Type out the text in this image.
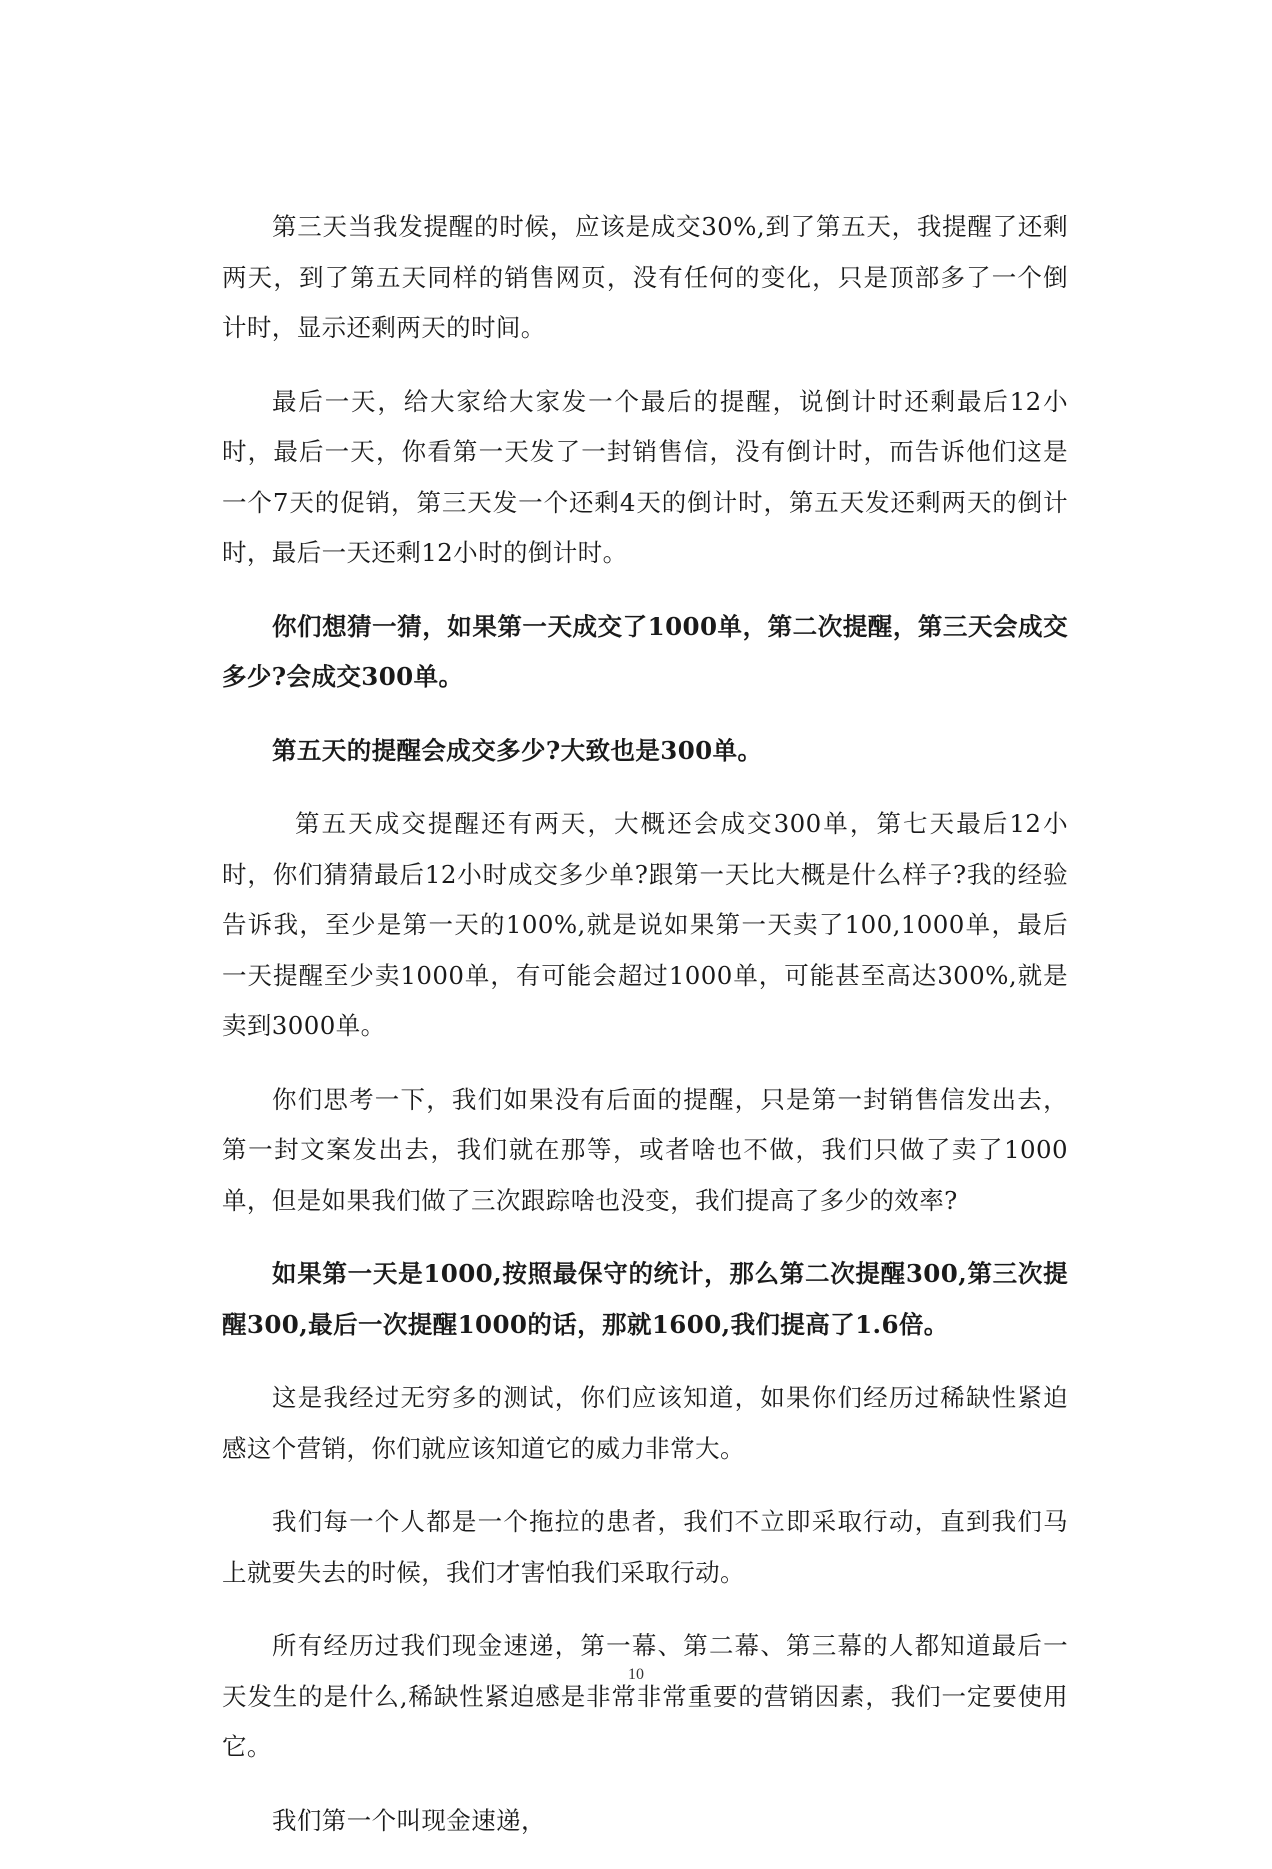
第三天当我发提醒的时候，应该是成交30%,到了第五天，我提醒了还剩两天，到了第五天同样的销售网页，没有任何的变化，只是顶部多了一个倒计时，显示还剩两天的时间。

最后一天，给大家给大家发一个最后的提醒，说倒计时还剩最后12小时，最后一天，你看第一天发了一封销售信，没有倒计时，而告诉他们这是一个7天的促销，第三天发一个还剩4天的倒计时，第五天发还剩两天的倒计时，最后一天还剩12小时的倒计时。

你们想猜一猜，如果第一天成交了1000单，第二次提醒，第三天会成交多少?会成交300单。

第五天的提醒会成交多少?大致也是300单。

第五天成交提醒还有两天，大概还会成交300单，第七天最后12小时，你们猜猜最后12小时成交多少单?跟第一天比大概是什么样子?我的经验告诉我，至少是第一天的100%,就是说如果第一天卖了100,1000单，最后一天提醒至少卖1000单，有可能会超过1000单，可能甚至高达300%,就是卖到3000单。

你们思考一下，我们如果没有后面的提醒，只是第一封销售信发出去，第一封文案发出去，我们就在那等，或者啥也不做，我们只做了卖了1000单，但是如果我们做了三次跟踪啥也没变，我们提高了多少的效率?

如果第一天是1000,按照最保守的统计，那么第二次提醒300,第三次提醒300,最后一次提醒1000的话，那就1600,我们提高了1.6倍。

这是我经过无穷多的测试，你们应该知道，如果你们经历过稀缺性紧迫感这个营销，你们就应该知道它的威力非常大。

我们每一个人都是一个拖拉的患者，我们不立即采取行动，直到我们马上就要失去的时候，我们才害怕我们采取行动。

所有经历过我们现金速递，第一幕、第二幕、第三幕的人都知道最后一天发生的是什么,稀缺性紧迫感是非常非常重要的营销因素，我们一定要使用它。

我们第一个叫现金速递，

10
